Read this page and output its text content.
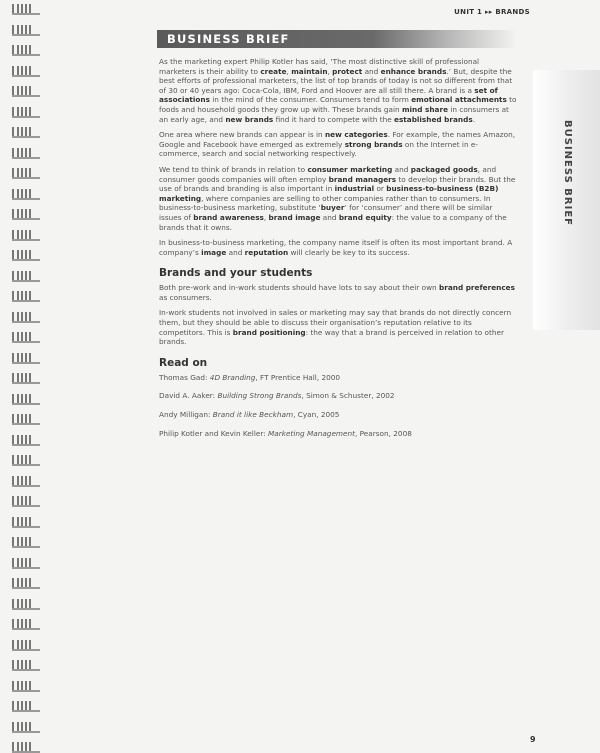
UNIT 1 ▸▸ BRANDS
BUSINESS BRIEF
BUSINESS BRIEF

As the marketing expert Philip Kotler has said, ‘The most distinctive skill of professional marketers is their ability to create, maintain, protect and enhance brands.’ But, despite the best efforts of professional marketers, the list of top brands of today is not so different from that of 30 or 40 years ago: Coca-Cola, IBM, Ford and Hoover are all still there. A brand is a set of associations in the mind of the consumer. Consumers tend to form emotional attachments to foods and household goods they grow up with. These brands gain mind share in consumers at an early age, and new brands find it hard to compete with the established brands.

One area where new brands can appear is in new categories. For example, the names Amazon, Google and Facebook have emerged as extremely strong brands on the Internet in e-commerce, search and social networking respectively.

We tend to think of brands in relation to consumer marketing and packaged goods, and consumer goods companies will often employ brand managers to develop their brands. But the use of brands and branding is also important in industrial or business-to-business (B2B) marketing, where companies are selling to other companies rather than to consumers. In business-to-business marketing, substitute ‘buyer’ for ‘consumer’ and there will be similar issues of brand awareness, brand image and brand equity: the value to a company of the brands that it owns.

In business-to-business marketing, the company name itself is often its most important brand. A company’s image and reputation will clearly be key to its success.

Brands and your students

Both pre-work and in-work students should have lots to say about their own brand preferences as consumers.

In-work students not involved in sales or marketing may say that brands do not directly concern them, but they should be able to discuss their organisation’s reputation relative to its competitors. This is brand positioning: the way that a brand is perceived in relation to other brands.

Read on

Thomas Gad: 4D Branding, FT Prentice Hall, 2000

David A. Aaker: Building Strong Brands, Simon & Schuster, 2002

Andy Milligan: Brand it like Beckham, Cyan, 2005

Philip Kotler and Kevin Keller: Marketing Management, Pearson, 2008

9
